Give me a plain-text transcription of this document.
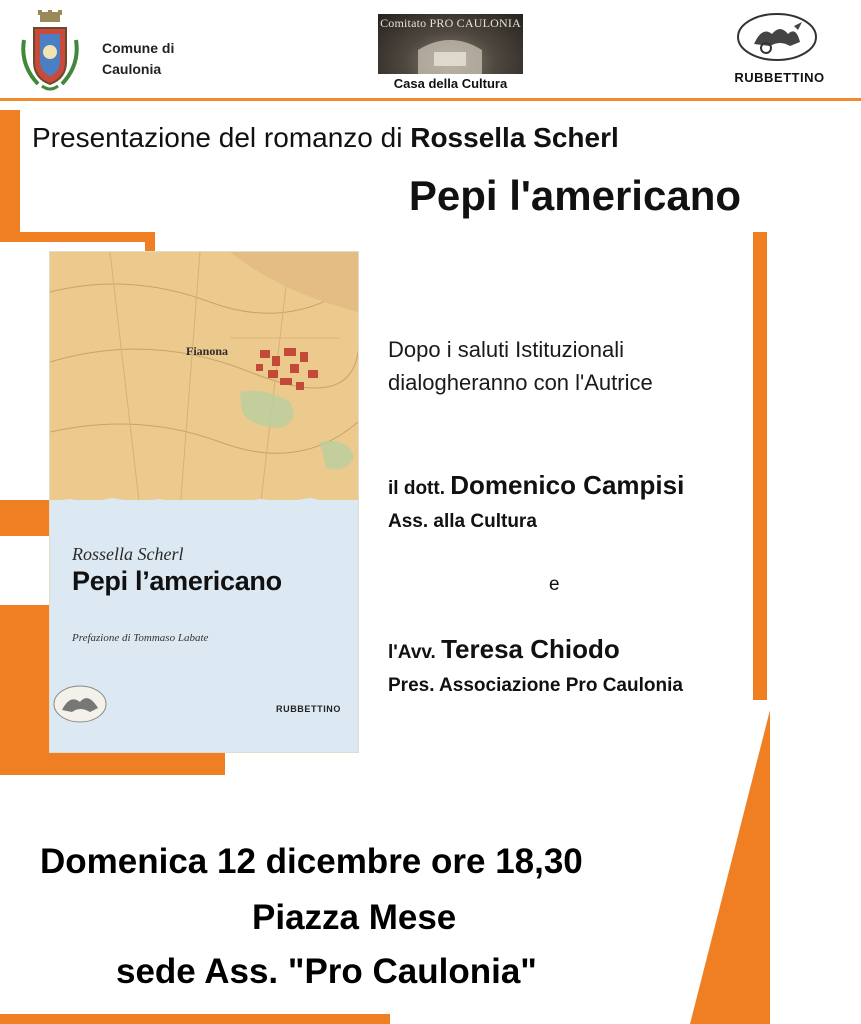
Comune di
Caulonia
Comitato PRO CAULONIA
Casa della Cultura	RUBBETTINO
Presentazione del romanzo di Rossella Scherl
Pepi l'americano
Fianona
Rossella Scherl
Pepi l’americano
Prefazione di Tommaso Labate
RUBBETTINO
Dopo i saluti Istituzionali
dialogheranno con l'Autrice
il dott. Domenico Campisi
Ass. alla Cultura
e
l'Avv. Teresa Chiodo
Pres. Associazione Pro Caulonia
Domenica 12 dicembre ore 18,30
Piazza Mese
sede Ass. "Pro Caulonia"
